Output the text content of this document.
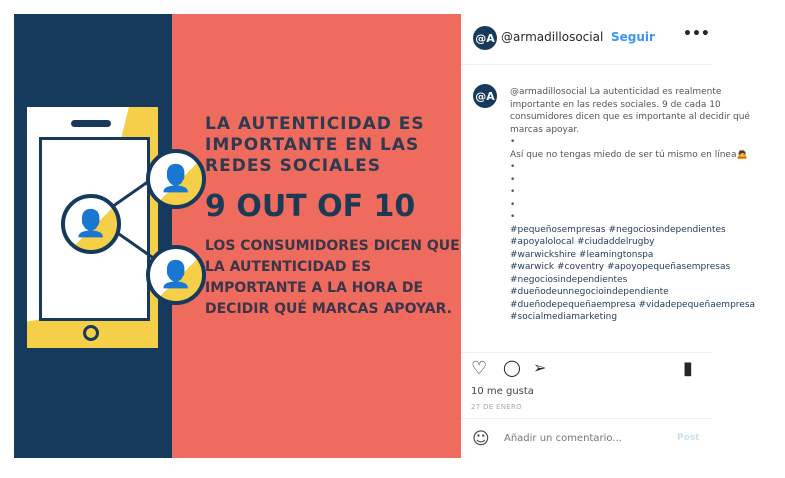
👤
👤
👤
LA AUTENTICIDAD ES IMPORTANTE EN LAS REDES SOCIALES
9 OUT OF 10
LOS CONSUMIDORES DICEN QUE LA AUTENTICIDAD ES IMPORTANTE A LA HORA DE DECIDIR QUÉ MARCAS APOYAR.
@A @armadillosocial Seguir •••
@A @armadillosocial La autenticidad es realmente importante en las redes sociales. 9 de cada 10 consumidores dicen que es importante al decidir qué marcas apoyar.
•
Así que no tengas miedo de ser tú mismo en línea🙇
•
•
•
•
•
#pequeñosempresas #negociosindependientes
#apoyalolocal #ciudaddelrugby
#warwickshire #leamingtonspa
#warwick #coventry #apoyopequeñasempresas
#negociosindependientes
#dueñodeunnegocioindependiente
#dueñodepequeñaempresa #vidadepequeñaempresa
#socialmediamarketing
♡ ◯ ➢	▮
10 me gusta
27 DE ENERO
☺
Añadir un comentario...	Post
